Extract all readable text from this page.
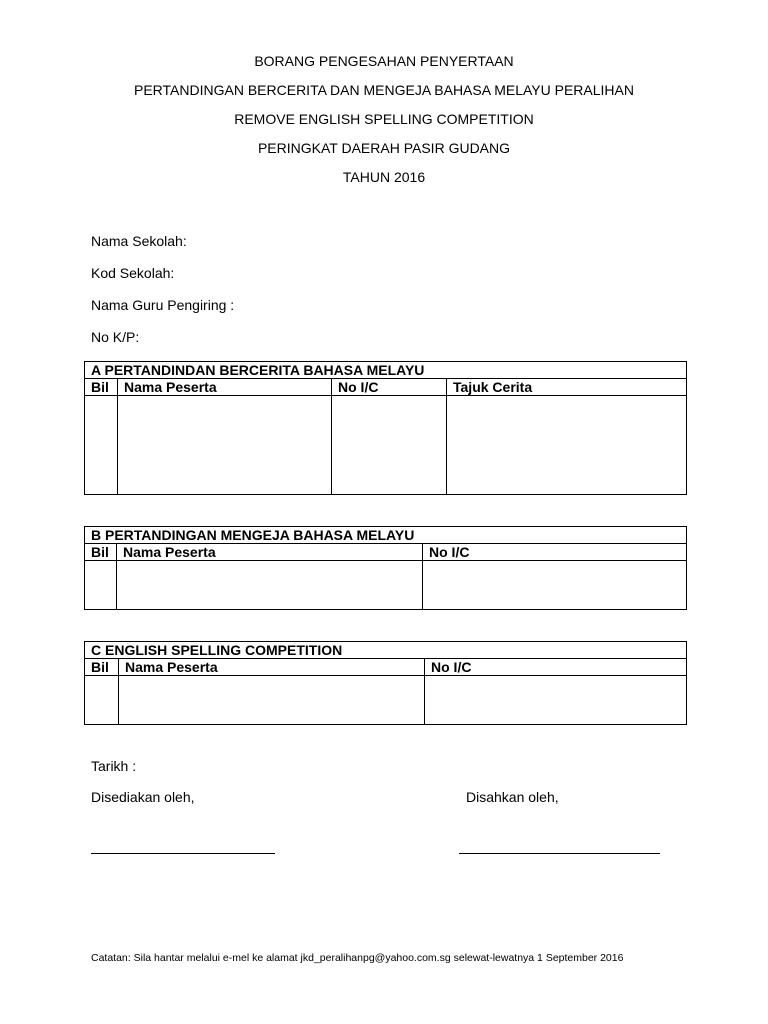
BORANG PENGESAHAN PENYERTAAN
PERTANDINGAN BERCERITA DAN MENGEJA BAHASA MELAYU PERALIHAN
REMOVE ENGLISH SPELLING COMPETITION
PERINGKAT DAERAH PASIR GUDANG
TAHUN 2016
Nama Sekolah:
Kod Sekolah:
Nama Guru Pengiring :
No K/P:
A PERTANDINDAN BERCERITA BAHASA MELAYU			
Bil	Nama Peserta	No I/C	Tajuk Cerita

B PERTANDINGAN MENGEJA BAHASA MELAYU		
Bil	Nama Peserta	No I/C

C ENGLISH SPELLING COMPETITION		
Bil	Nama Peserta	No I/C

Tarikh :
Disediakan oleh,	Disahkan oleh,
Catatan: Sila hantar melalui e-mel ke alamat jkd_peralihanpg@yahoo.com.sg selewat-lewatnya 1 September 2016
